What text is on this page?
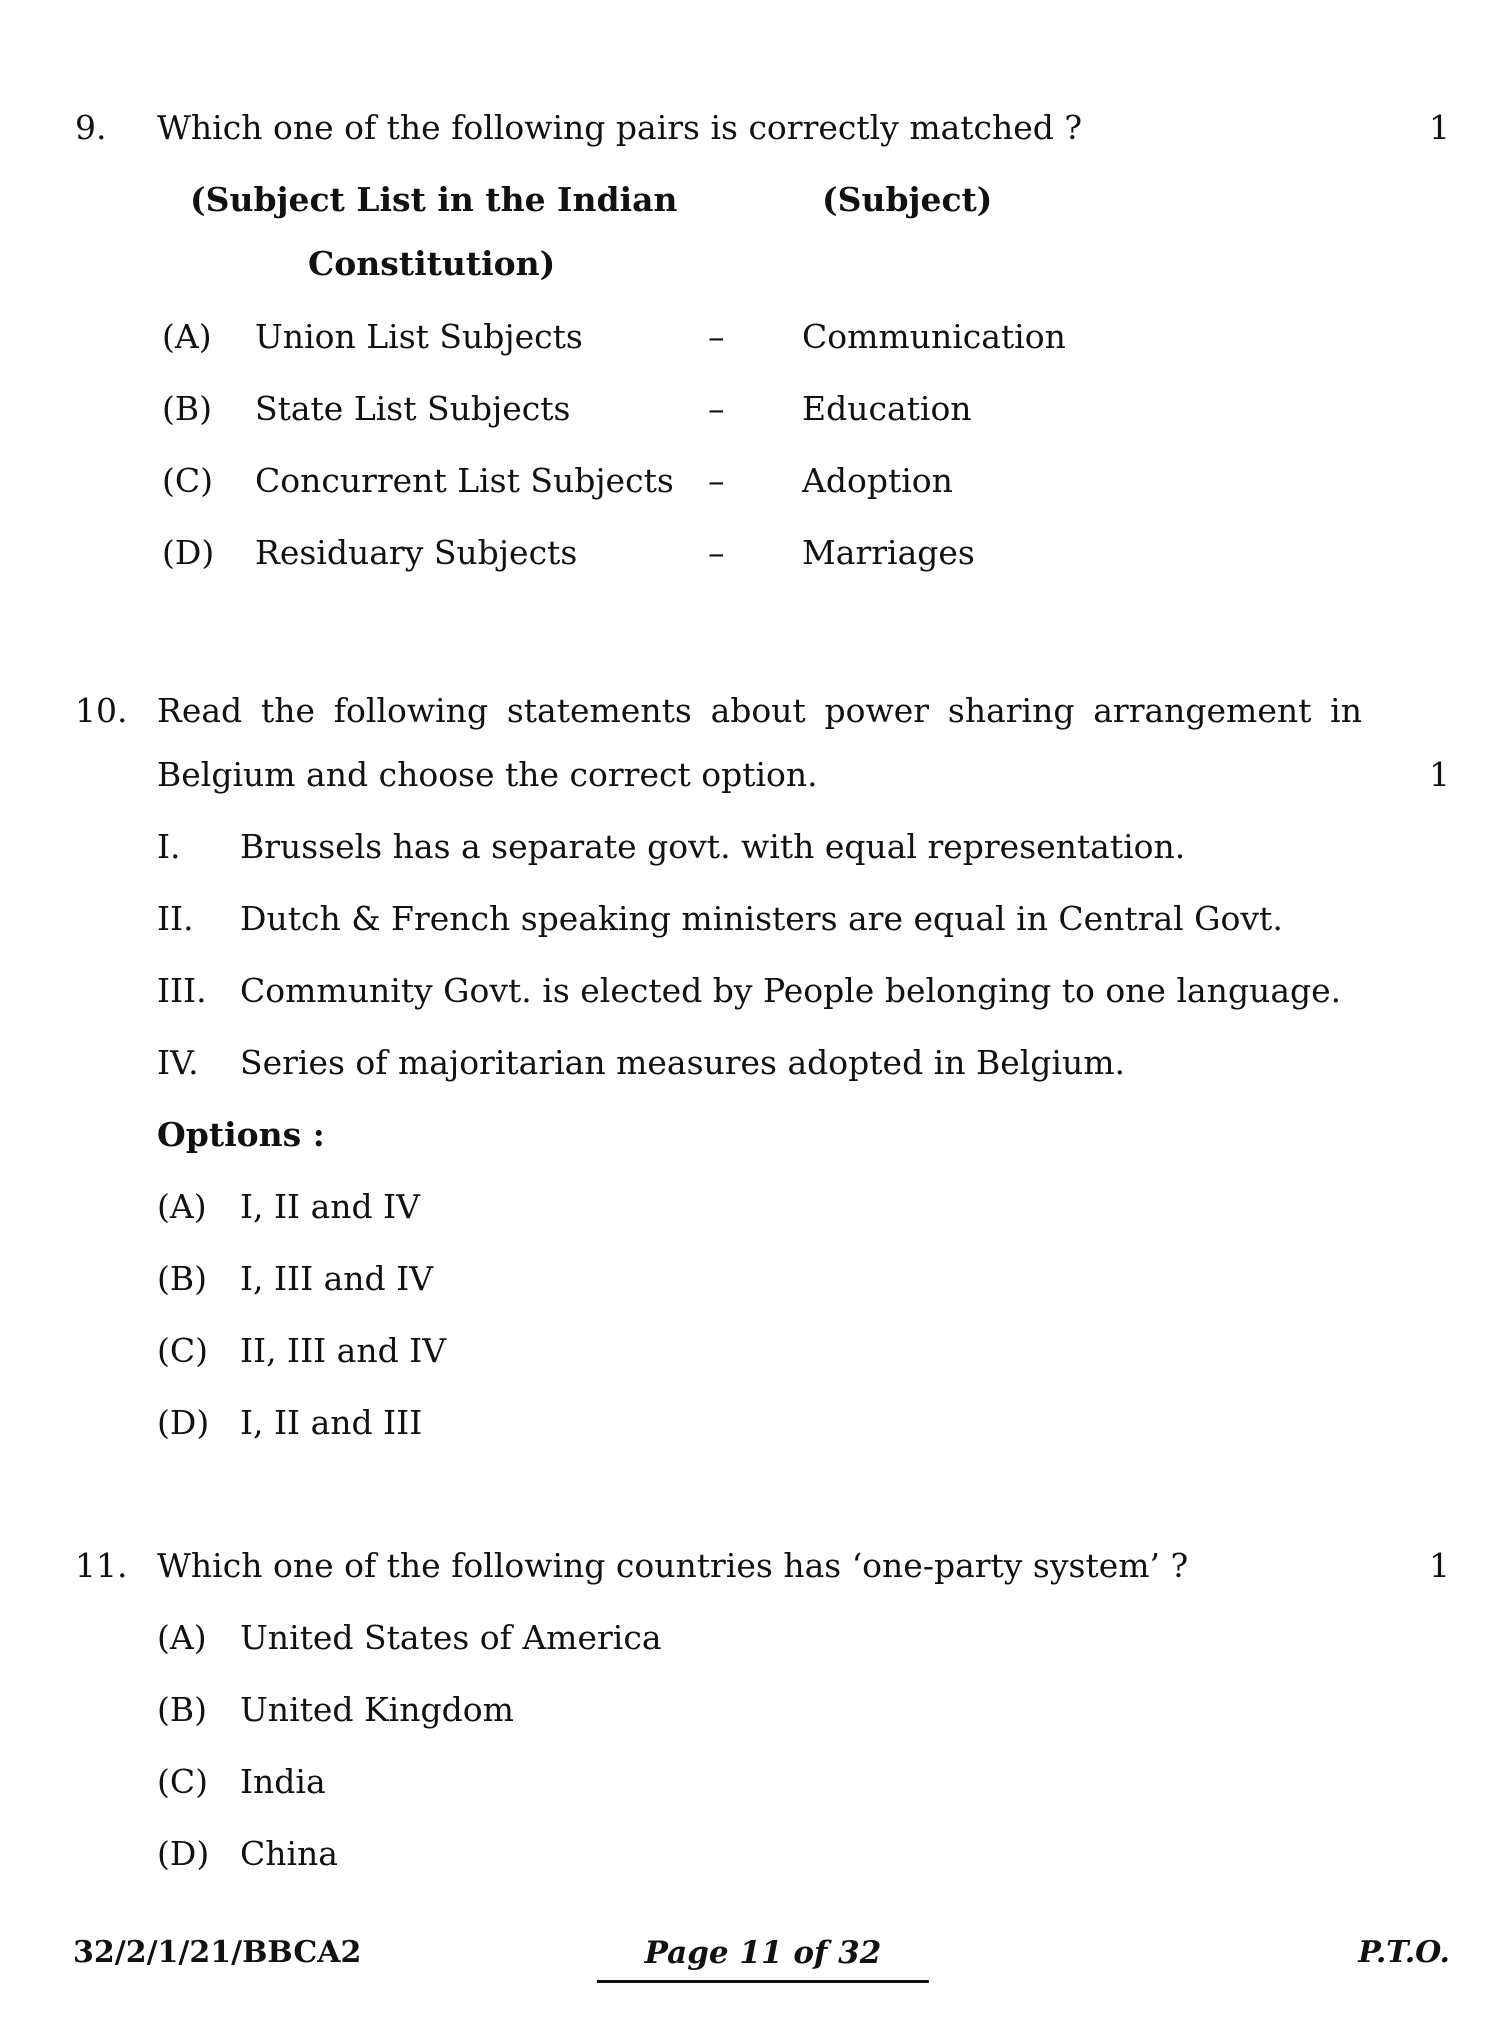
9. Which one of the following pairs is correctly matched ?	1
(Subject List in the Indian
Constitution)
(Subject)
(A) Union List Subjects	– Communication
(B) State List Subjects	– Education
(C) Concurrent List Subjects – Adoption
(D) Residuary Subjects	– Marriages
10. Read the following statements about power sharing arrangement in
Belgium and choose the correct option.	1
I. Brussels has a separate govt. with equal representation.
II. Dutch & French speaking ministers are equal in Central Govt.
III. Community Govt. is elected by People belonging to one language.
IV. Series of majoritarian measures adopted in Belgium.
Options :
(A) I, II and IV
(B) I, III and IV
(C) II, III and IV
(D) I, II and III
11. Which one of the following countries has ‘one-party system’ ?	1
(A) United States of America
(B) United Kingdom
(C) India
(D) China
32/2/1/21/BBCA2	Page 11 of 32	P.T.O.
